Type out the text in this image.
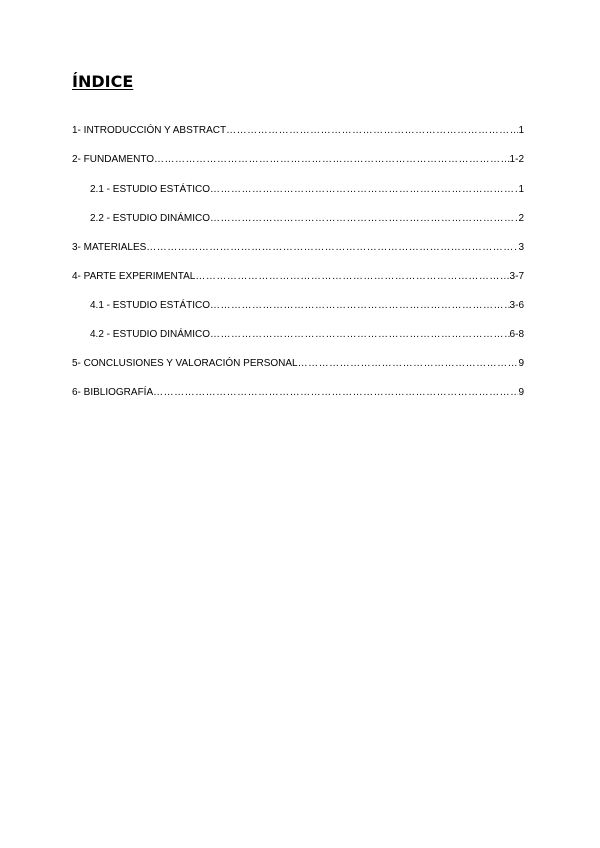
ÍNDICE
1- INTRODUCCIÓN Y ABSTRACT ……………………………………………………………………………………………………………………………………………………	1
2- FUNDAMENTO ……………………………………………………………………………………………………………………………………………………	1-2
2.1 - ESTUDIO ESTÁTICO ……………………………………………………………………………………………………………………………………………………	1
2.2 - ESTUDIO DINÁMICO ……………………………………………………………………………………………………………………………………………………	2
3- MATERIALES ……………………………………………………………………………………………………………………………………………………	3
4- PARTE EXPERIMENTAL ……………………………………………………………………………………………………………………………………………………	3-7
4.1 - ESTUDIO ESTÁTICO ……………………………………………………………………………………………………………………………………………………	3-6
4.2 - ESTUDIO DINÁMICO ……………………………………………………………………………………………………………………………………………………	6-8
5- CONCLUSIONES Y VALORACIÓN PERSONAL ……………………………………………………………………………………………………………………………………………………	9
6- BIBLIOGRAFÍA ……………………………………………………………………………………………………………………………………………………	9
